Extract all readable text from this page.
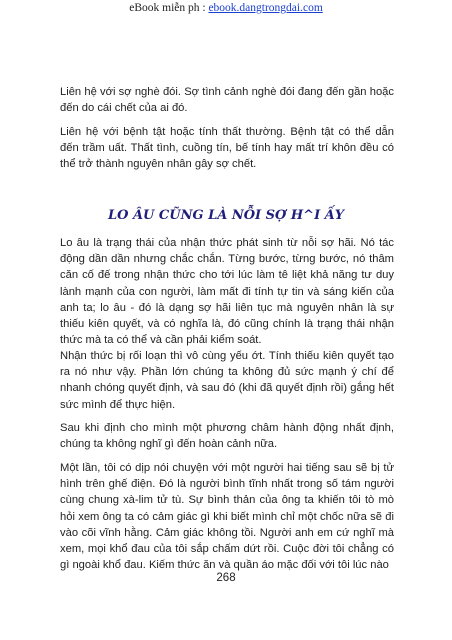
eBook miễn ph : ebook.dangtrongdai.com

Liên hệ với sợ nghè đói. Sợ tình cảnh nghè đói đang đến gần hoặc đến do cái chết của ai đó.

Liên hệ với bệnh tật hoặc tính thất thường. Bệnh tật có thể dẫn đến trầm uất. Thất tình, cuồng tín, bế tính hay mất trí khôn đều có thể trở thành nguyên nhân gây sợ chết.

LO ÂU CŨNG LÀ NỖI SỢ H^I ẤY

Lo âu là trạng thái của nhận thức phát sinh từ nỗi sợ hãi. Nó tác động dần dần nhưng chắc chắn. Từng bước, từng bước, nó thâm căn cố đế trong nhận thức cho tới lúc làm tê liệt khả năng tư duy lành mạnh của con người, làm mất đi tính tự tin và sáng kiến của anh ta; lo âu - đó là dạng sợ hãi liên tục mà nguyên nhân là sự thiếu kiên quyết, và có nghĩa là, đó cũng chính là trạng thái nhận thức mà ta có thể và cần phải kiểm soát.

Nhận thức bị rối loạn thì vô cùng yếu ớt. Tính thiếu kiên quyết tạo ra nó như vậy. Phần lớn chúng ta không đủ sức mạnh ý chí để nhanh chóng quyết định, và sau đó (khi đã quyết định rồi) gắng hết sức mình để thực hiện.

Sau khi định cho mình một phương châm hành động nhất định, chúng ta không nghĩ gì đến hoàn cảnh nữa.

Một lần, tôi có dịp nói chuyện với một người hai tiếng sau sẽ bị tử hình trên ghế điện. Đó là người bình tĩnh nhất trong số tám người cùng chung xà-lim tử tù. Sự bình thản của ông ta khiến tôi tò mò hỏi xem ông ta có cảm giác gì khi biết mình chỉ một chốc nữa sẽ đi vào cõi vĩnh hằng. Cảm giác không tồi. Người anh em cứ nghĩ mà xem, mọi khổ đau của tôi sắp chấm dứt rồi. Cuộc đời tôi chẳng có gì ngoài khổ đau. Kiếm thức ăn và quần áo mặc đối với tôi lúc nào

268
